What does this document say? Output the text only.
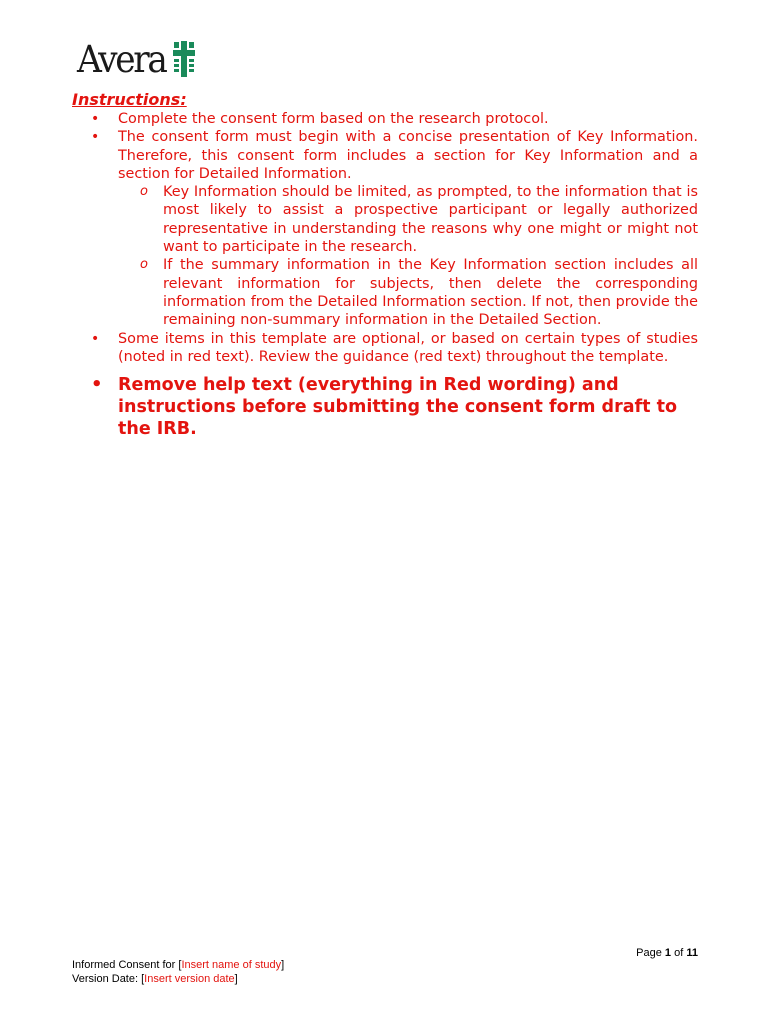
Avera
Instructions:
• Complete the consent form based on the research protocol.
• The consent form must begin with a concise presentation of Key Information. Therefore, this consent form includes a section for Key Information and a section for Detailed Information.
o Key Information should be limited, as prompted, to the information that is most likely to assist a prospective participant or legally authorized representative in understanding the reasons why one might or might not want to participate in the research.
o If the summary information in the Key Information section includes all relevant information for subjects, then delete the corresponding information from the Detailed Information section. If not, then provide the remaining non-summary information in the Detailed Section.
• Some items in this template are optional, or based on certain types of studies (noted in red text). Review the guidance (red text) throughout the template.
• Remove help text (everything in Red wording) and instructions before submitting the consent form draft to the IRB.
Page 1 of 11
Informed Consent for [Insert name of study]
Version Date: [Insert version date]
